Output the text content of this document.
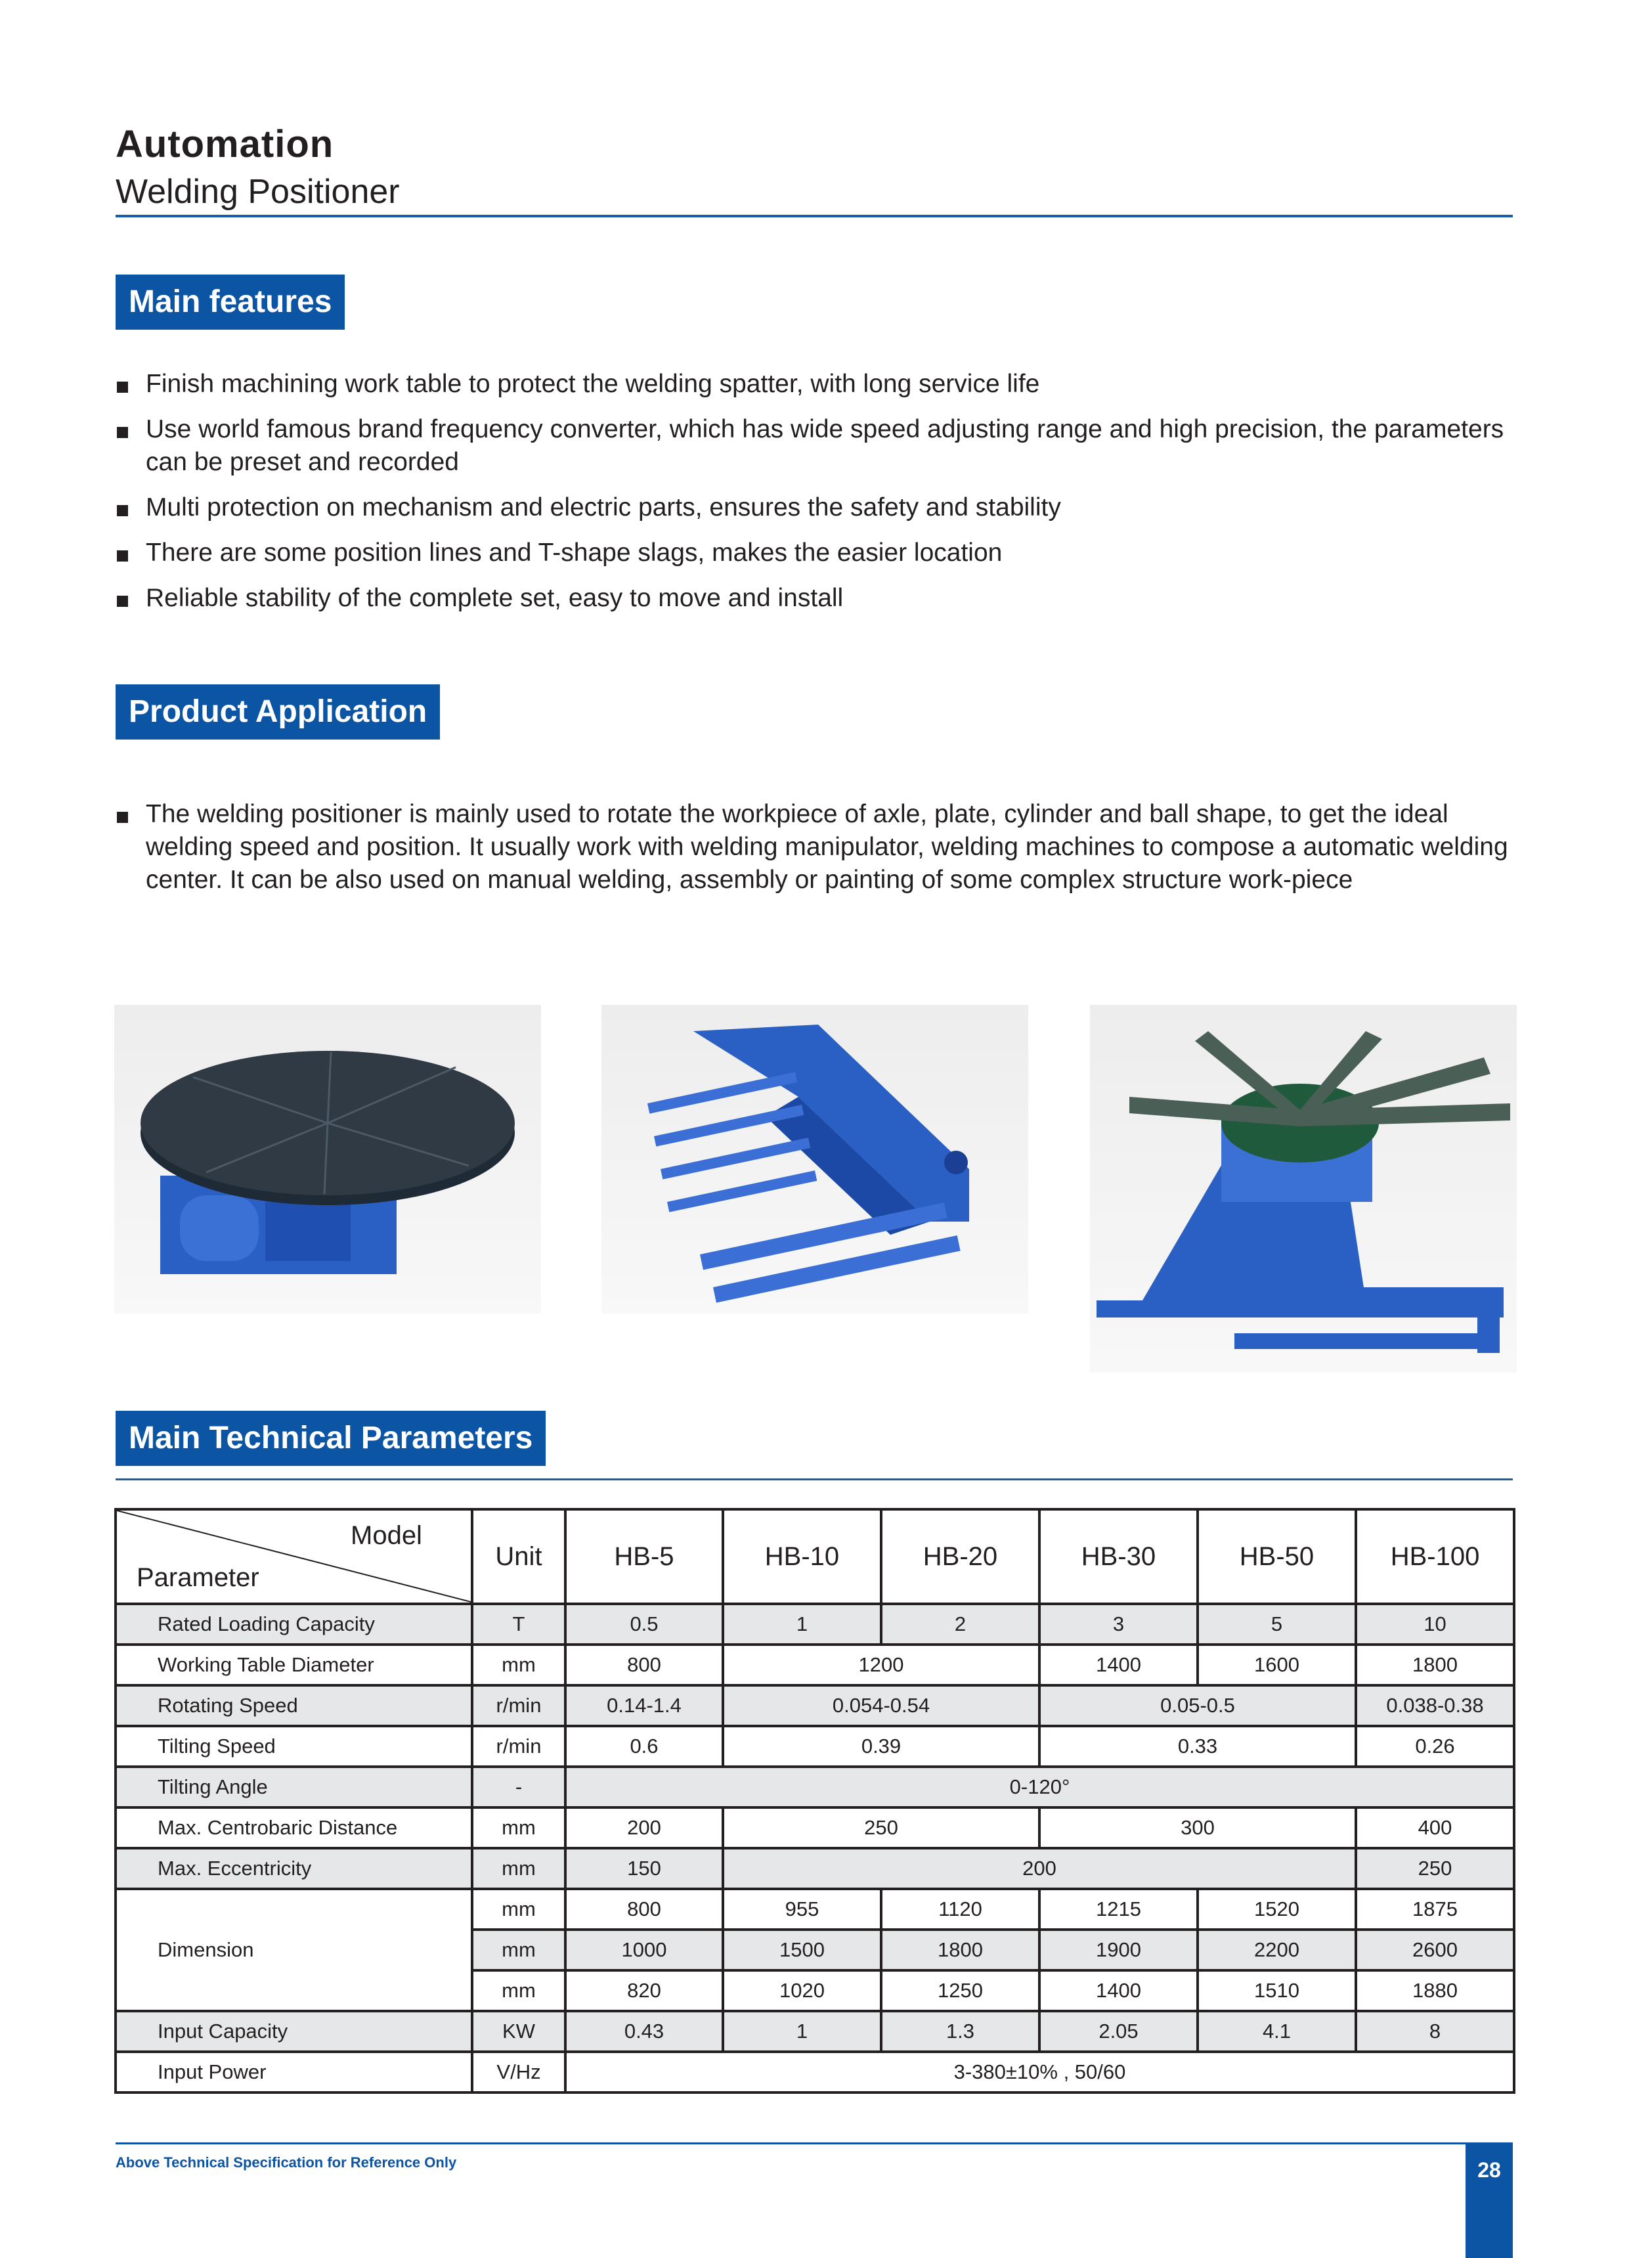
Automation
Welding Positioner
Main features
Finish machining work table to protect the welding spatter, with long service life
Use world famous brand frequency converter, which has wide speed adjusting range and high precision, the parameters can be preset and recorded
Multi protection on mechanism and electric parts, ensures the safety and stability
There are some position lines and T-shape slags, makes the easier location
Reliable stability of the complete set, easy to move and install
Product Application
The welding positioner is mainly used to rotate the workpiece of axle, plate, cylinder and ball shape, to get the ideal welding speed and position. It usually work with welding manipulator, welding machines to compose a automatic welding center. It can be also used on manual welding, assembly or painting of some complex structure work-piece
Main Technical Parameters
Model
Parameter	Unit	HB-5	HB-10	HB-20	HB-30	HB-50	HB-100
Rated Loading Capacity	T	0.5	1	2	3	5	10
Working Table Diameter	mm	800	1200		1400	1600	1800
Rotating Speed	r/min	0.14-1.4	0.054-0.54		0.05-0.5		0.038-0.38
Tilting Speed	r/min	0.6	0.39		0.33		0.26
Tilting Angle	-	0-120°					
Max. Centrobaric Distance	mm	200	250		300		400
Max. Eccentricity	mm	150	200				250
Dimension	mm	800	955	1120	1215	1520	1875
	mm	1000	1500	1800	1900	2200	2600
	mm	820	1020	1250	1400	1510	1880
Input Capacity	KW	0.43	1	1.3	2.05	4.1	8
Input Power	V/Hz	3-380±10% , 50/60					
Above Technical Specification for Reference Only	28
